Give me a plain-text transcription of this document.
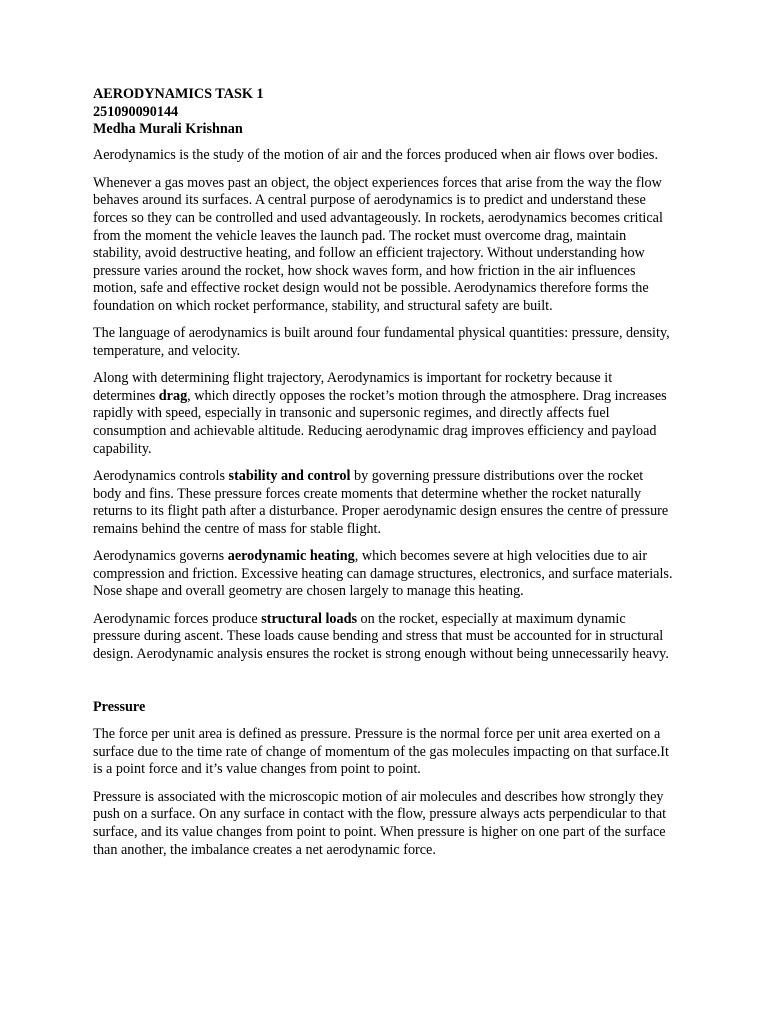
AERODYNAMICS TASK 1
251090090144
Medha Murali Krishnan

Aerodynamics is the study of the motion of air and the forces produced when air flows over bodies.

Whenever a gas moves past an object, the object experiences forces that arise from the way the flow behaves around its surfaces. A central purpose of aerodynamics is to predict and understand these forces so they can be controlled and used advantageously. In rockets, aerodynamics becomes critical from the moment the vehicle leaves the launch pad. The rocket must overcome drag, maintain stability, avoid destructive heating, and follow an efficient trajectory. Without understanding how pressure varies around the rocket, how shock waves form, and how friction in the air influences motion, safe and effective rocket design would not be possible. Aerodynamics therefore forms the foundation on which rocket performance, stability, and structural safety are built.

The language of aerodynamics is built around four fundamental physical quantities: pressure, density, temperature, and velocity.

Along with determining flight trajectory, Aerodynamics is important for rocketry because it determines drag, which directly opposes the rocket’s motion through the atmosphere. Drag increases rapidly with speed, especially in transonic and supersonic regimes, and directly affects fuel consumption and achievable altitude. Reducing aerodynamic drag improves efficiency and payload capability.

Aerodynamics controls stability and control by governing pressure distributions over the rocket body and fins. These pressure forces create moments that determine whether the rocket naturally returns to its flight path after a disturbance. Proper aerodynamic design ensures the centre of pressure remains behind the centre of mass for stable flight.

Aerodynamics governs aerodynamic heating, which becomes severe at high velocities due to air compression and friction. Excessive heating can damage structures, electronics, and surface materials. Nose shape and overall geometry are chosen largely to manage this heating.

Aerodynamic forces produce structural loads on the rocket, especially at maximum dynamic pressure during ascent. These loads cause bending and stress that must be accounted for in structural design. Aerodynamic analysis ensures the rocket is strong enough without being unnecessarily heavy.

Pressure

The force per unit area is defined as pressure. Pressure is the normal force per unit area exerted on a surface due to the time rate of change of momentum of the gas molecules impacting on that surface.It is a point force and it’s value changes from point to point.

Pressure is associated with the microscopic motion of air molecules and describes how strongly they push on a surface. On any surface in contact with the flow, pressure always acts perpendicular to that surface, and its value changes from point to point. When pressure is higher on one part of the surface than another, the imbalance creates a net aerodynamic force.
